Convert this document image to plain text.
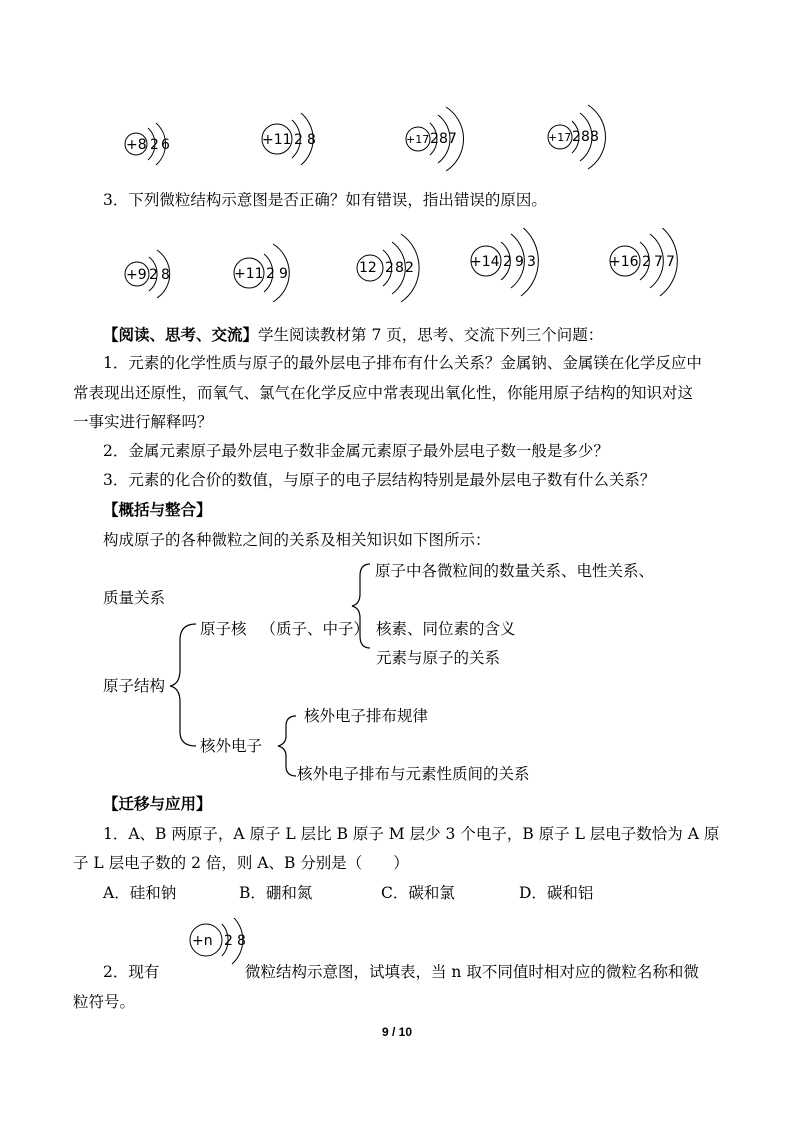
+8 2 6	+11 2 8	+17 2 8 7	+17 2 8 8
3．下列微粒结构示意图是否正确？如有错误，指出错误的原因。
+9 2 8	+11 2 9	12 2 8 2	+14 2 9 3	+16 2 7 7
【阅读、思考、交流】学生阅读教材第 7 页，思考、交流下列三个问题：
1．元素的化学性质与原子的最外层电子排布有什么关系？金属钠、金属镁在化学反应中
常表现出还原性，而氧气、氯气在化学反应中常表现出氧化性，你能用原子结构的知识对这
一事实进行解释吗？
2．金属元素原子最外层电子数非金属元素原子最外层电子数一般是多少？
3．元素的化合价的数值，与原子的电子层结构特别是最外层电子数有什么关系？
【概括与整合】
构成原子的各种微粒之间的关系及相关知识如下图所示：
质量关系
原子结构
原子核 （质子、中子）
原子中各微粒间的数量关系、电性关系、
核素、同位素的含义
元素与原子的关系
核外电子
核外电子排布规律
核外电子排布与元素性质间的关系
【迁移与应用】
1．A、B 两原子，A 原子 L 层比 B 原子 M 层少 3 个电子，B 原子 L 层电子数恰为 A 原
子 L 层电子数的 2 倍，则 A、B 分别是（　　）
A．硅和钠	B．硼和氮	C．碳和氯	D．碳和铝
+n 2 8
2．现有	微粒结构示意图，试填表，当 n 取不同值时相对应的微粒名称和微
粒符号。
9 / 10
